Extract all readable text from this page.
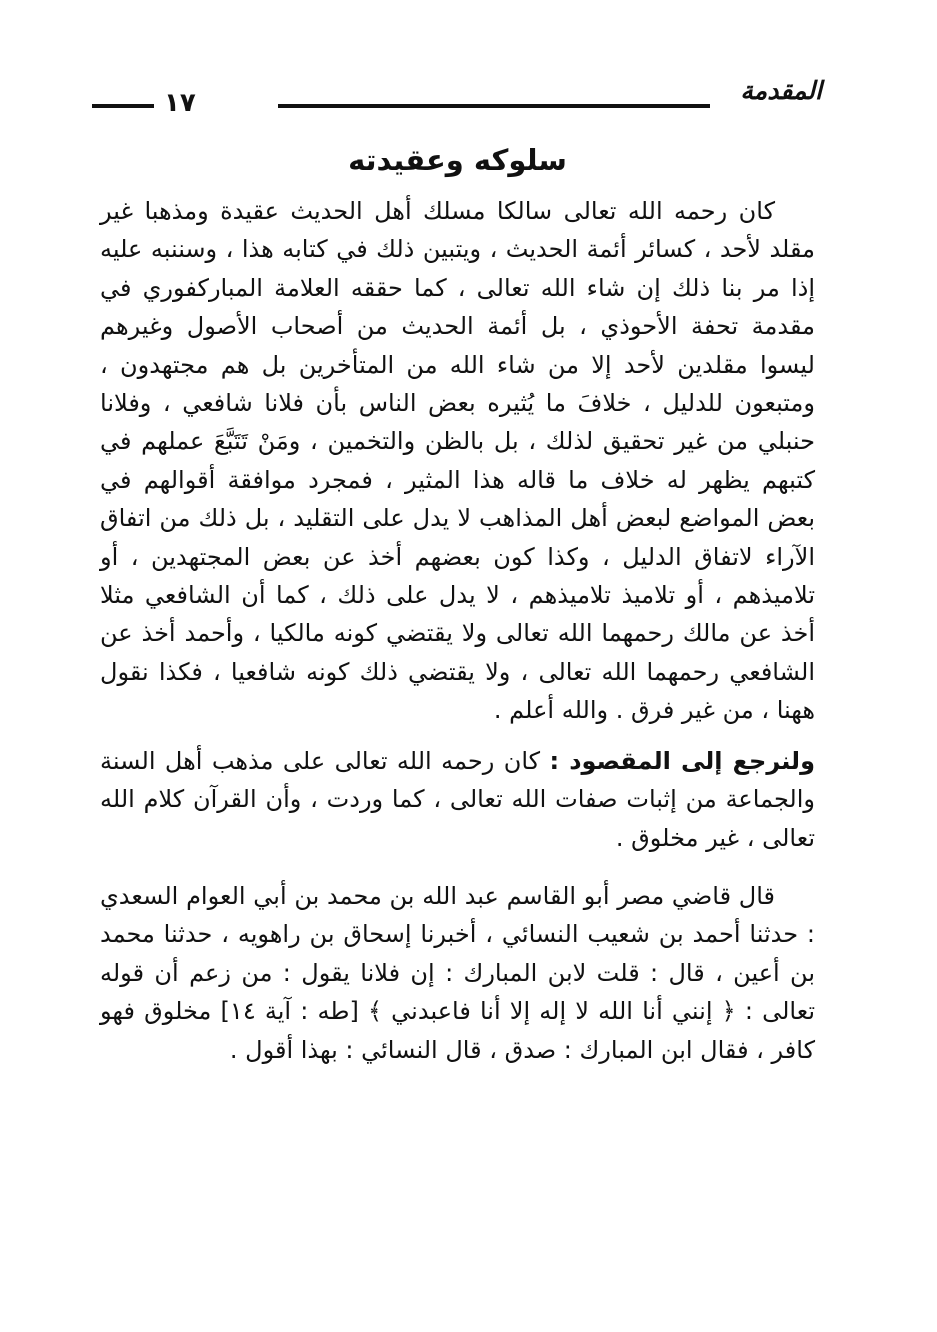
المقدمة
١٧
سلوكه وعقيدته

كان رحمه الله تعالى سالكا مسلك أهل الحديث عقيدة ومذهبا غير مقلد لأحد ، كسائر أئمة الحديث ، ويتبين ذلك في كتابه هذا ، وسننبه عليه إذا مر بنا ذلك إن شاء الله تعالى ، كما حققه العلامة المباركفوري في مقدمة تحفة الأحوذي ، بل أئمة الحديث من أصحاب الأصول وغيرهم ليسوا مقلدين لأحد إلا من شاء الله من المتأخرين بل هم مجتهدون ، ومتبعون للدليل ، خلافَ ما يُثيره بعض الناس بأن فلانا شافعي ، وفلانا حنبلي من غير تحقيق لذلك ، بل بالظن والتخمين ، ومَنْ تَتَبَّعَ عملهم في كتبهم يظهر له خلاف ما قاله هذا المثير ، فمجرد موافقة أقوالهم في بعض المواضع لبعض أهل المذاهب لا يدل على التقليد ، بل ذلك من اتفاق الآراء لاتفاق الدليل ، وكذا كون بعضهم أخذ عن بعض المجتهدين ، أو تلاميذهم ، أو تلاميذ تلاميذهم ، لا يدل على ذلك ، كما أن الشافعي مثلا أخذ عن مالك رحمهما الله تعالى ولا يقتضي كونه مالكيا ، وأحمد أخذ عن الشافعي رحمهما الله تعالى ، ولا يقتضي ذلك كونه شافعيا ، فكذا نقول ههنا ، من غير فرق . والله أعلم .

ولنرجع إلى المقصود : كان رحمه الله تعالى على مذهب أهل السنة والجماعة من إثبات صفات الله تعالى ، كما وردت ، وأن القرآن كلام الله تعالى ، غير مخلوق .

قال قاضي مصر أبو القاسم عبد الله بن محمد بن أبي العوام السعدي : حدثنا أحمد بن شعيب النسائي ، أخبرنا إسحاق بن راهويه ، حدثنا محمد بن أعين ، قال : قلت لابن المبارك : إن فلانا يقول : من زعم أن قوله تعالى : ﴿ إنني أنا الله لا إله إلا أنا فاعبدني ﴾ [طه : آية ١٤] مخلوق فهو كافر ، فقال ابن المبارك : صدق ، قال النسائي : بهذا أقول .
